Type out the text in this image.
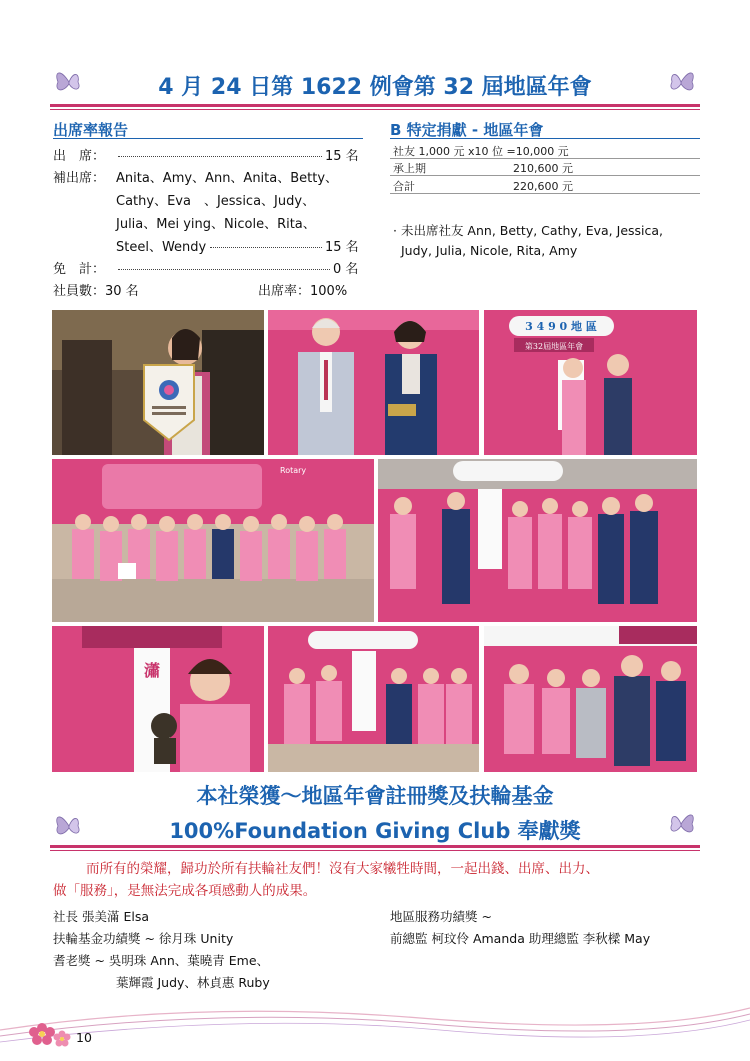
4 月 24 日第 1622 例會第 32 屆地區年會
出席率報告
出　席：	15 名
補出席： Anita、Amy、Ann、Anita、Betty、
Cathy、Eva　、Jessica、Judy、
Julia、Mei ying、Nicole、Rita、
Steel、Wendy	15 名
免　計：	0 名
社員數：30 名	出席率：100%
B 特定捐獻 - 地區年會
社友 1,000 元 x10 位 =10,000 元
承上期	210,600 元
合計	220,600 元
· 未出席社友 Ann, Betty, Cathy, Eva, Jessica,
Judy, Julia, Nicole, Rita, Amy
3 4 9 0 地 區
第32屆地區年會
Rotary
瀟
本社榮獲～地區年會註冊獎及扶輪基金
100%Foundation Giving Club 奉獻獎
而所有的榮耀，歸功於所有扶輪社友們！沒有大家犧牲時間，一起出錢、出席、出力、
做「服務」，是無法完成各項感動人的成果。
社長 張美滿 Elsa
扶輪基金功績獎 ~ 徐月珠 Unity
耆老獎 ~ 吳明珠 Ann、葉曉青 Eme、
葉輝霞 Judy、林貞惠 Ruby
地區服務功績獎 ~
前總監 柯玟伶 Amanda 助理總監 李秋樑 May
10
